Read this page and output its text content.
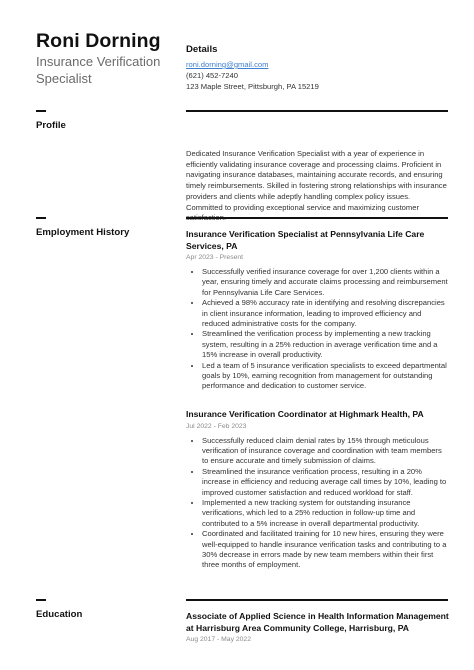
Roni Dorning
Insurance Verification Specialist
Details
roni.dorning@gmail.com
(621) 452-7240
123 Maple Street, Pittsburgh, PA 15219
Profile
Dedicated Insurance Verification Specialist with a year of experience in efficiently validating insurance coverage and processing claims. Proficient in navigating insurance databases, maintaining accurate records, and ensuring timely reimbursements. Skilled in fostering strong relationships with insurance providers and clients while adeptly handling complex policy issues. Committed to providing exceptional service and maximizing customer
Employment History	Insurance Verification Specialist at Pennsylvania Life Care Services, PA
Apr 2023 - Present
• Successfully verified insurance coverage for over 1,200 clients within a year, ensuring timely and accurate claims processing and reimbursement for Pennsylvania Life Care Services.
• Achieved a 98% accuracy rate in identifying and resolving discrepancies in client insurance information, leading to improved efficiency and reduced administrative costs for the company.
• Streamlined the verification process by implementing a new tracking system, resulting in a 25% reduction in average verification time and a 15% increase in overall productivity.
• Led a team of 5 insurance verification specialists to exceed departmental goals by 10%, earning recognition from management for outstanding performance and dedication to customer service.
Insurance Verification Coordinator at Highmark Health, PA
Jul 2022 - Feb 2023
• Successfully reduced claim denial rates by 15% through meticulous verification of insurance coverage and coordination with team members to ensure accurate and timely submission of claims.
• Streamlined the insurance verification process, resulting in a 20% increase in efficiency and reducing average call times by 10%, leading to improved customer satisfaction and reduced workload for staff.
• Implemented a new tracking system for outstanding insurance verifications, which led to a 25% reduction in follow-up time and contributed to a 5% increase in overall departmental productivity.
• Coordinated and facilitated training for 10 new hires, ensuring they were well-equipped to handle insurance verification tasks and contributing to a 30% decrease in errors made by new team members within their first three months of employment.
Education	Associate of Applied Science in Health Information Management at Harrisburg Area Community College, Harrisburg, PA
Aug 2017 - May 2022
